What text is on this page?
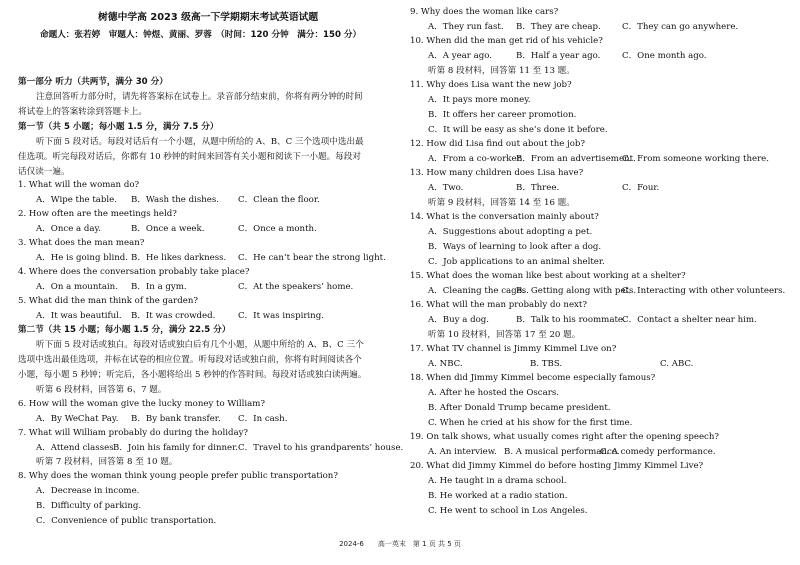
树德中学高 2023 级高一下学期期末考试英语试题
命题人：张若婷　审题人：钟煜、黄丽、罗蓉　（时间：120 分钟　满分：150 分）
第一部分 听力（共两节，满分 30 分）
注意回答听力部分时，请先将答案标在试卷上。录音部分结束前，你将有两分钟的时间
将试卷上的答案转涂到答题卡上。
第一节（共 5 小题；每小题 1.5 分，满分 7.5 分）
听下面 5 段对话。每段对话后有一个小题，从题中所给的 A、B、C 三个选项中选出最
佳选项。听完每段对话后，你都有 10 秒钟的时间来回答有关小题和阅读下一小题。每段对
话仅读一遍。
1. What will the woman do?
A．Wipe the table. B．Wash the dishes. C．Clean the floor.
2. How often are the meetings held?
A．Once a day.	B．Once a week.	C．Once a month.
3. What does the man mean?
A．He is going blind. B．He likes darkness. C．He can’t bear the strong light.
4. Where does the conversation probably take place?
A．On a mountain. B．In a gym.	C．At the speakers’ home.
5. What did the man think of the garden?
A．It was beautiful. B．It was crowded.	C．It was inspiring.
第二节（共 15 小题；每小题 1.5 分，满分 22.5 分）
听下面 5 段对话或独白。每段对话或独白后有几个小题，从题中所给的 A、B、C 三个
选项中选出最佳选项，并标在试卷的相应位置。听每段对话或独白前，你将有时间阅读各个
小题，每小题 5 秒钟；听完后，各小题将给出 5 秒钟的作答时间。每段对话或独白读两遍。
听第 6 段材料，回答第 6、7 题。
6. How will the woman give the lucky money to William?
A．By WeChat Pay. B．By bank transfer. C．In cash.
7. What will William probably do during the holiday?
A．Attend classes.
B．Join his family for dinner. C．Travel to his grandparents’ house.
听第 7 段材料，回答第 8 至 10 题。
8. Why does the woman think young people prefer public transportation?
A．Decrease in income.
B．Difficulty of parking.
C．Convenience of public transportation.
9. Why does the woman like cars?
A．They run fast. B．They are cheap. C．They can go anywhere.
10. When did the man get rid of his vehicle?
A．A year ago.	B．Half a year ago.	C．One month ago.
听第 8 段材料，回答第 11 至 13 题。
11. Why does Lisa want the new job?
A．It pays more money.
B．It offers her career promotion.
C．It will be easy as she’s done it before.
12. How did Lisa find out about the job?
A．From a co-worker.
B．From an advertisement.
C．From someone working there.
13. How many children does Lisa have?
A．Two.	B．Three.	C．Four.
听第 9 段材料，回答第 14 至 16 题。
14. What is the conversation mainly about?
A．Suggestions about adopting a pet.
B．Ways of learning to look after a dog.
C．Job applications to an animal shelter.
15. What does the woman like best about working at a shelter?
A．Cleaning the cages.
B．Getting along with pets.
C．Interacting with other volunteers.
16. What will the man probably do next?
A．Buy a dog.	B．Talk to his roommate.
C．Contact a shelter near him.
听第 10 段材料，回答第 17 至 20 题。
17. What TV channel is Jimmy Kimmel Live on?
A. NBC.	B. TBS.	C. ABC.
18. When did Jimmy Kimmel become especially famous?
A. After he hosted the Oscars.
B. After Donald Trump became president.
C. When he cried at his show for the first time.
19. On talk shows, what usually comes right after the opening speech?
A. An interview. B. A musical performance.
C. A comedy performance.
20. What did Jimmy Kimmel do before hosting Jimmy Kimmel Live?
A. He taught in a drama school.
B. He worked at a radio station.
C. He went to school in Los Angeles.
2024-6　　高一英末　第 1 页 共 5 页
